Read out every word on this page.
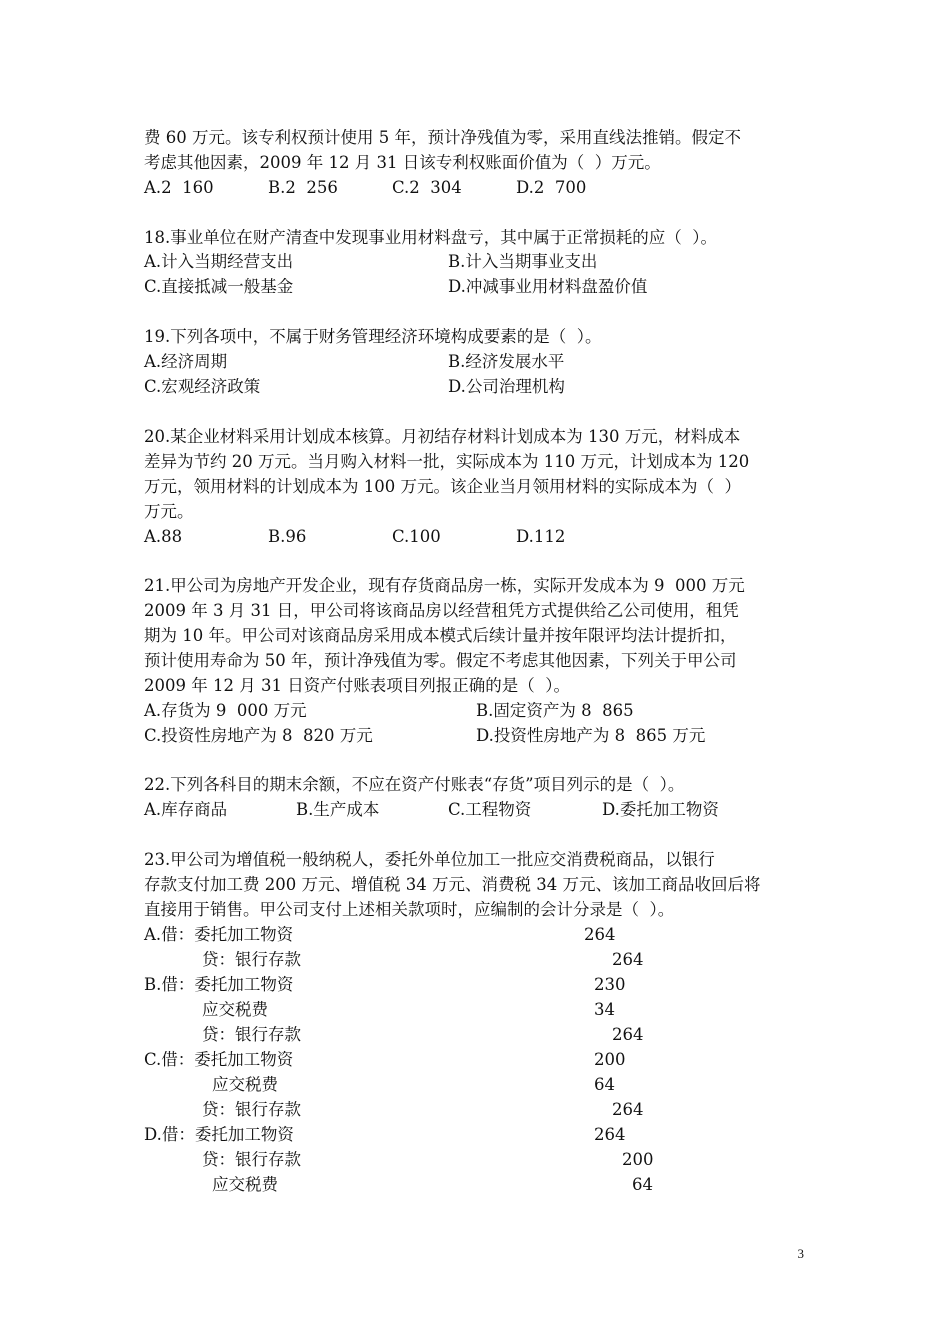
费 60 万元。该专利权预计使用 5 年，预计净残值为零，采用直线法推销。假定不
考虑其他因素，2009 年 12 月 31 日该专利权账面价值为（  ）万元。
A.2  160	B.2  256	C.2  304	D.2  700
18.事业单位在财产清查中发现事业用材料盘亏，其中属于正常损耗的应（  ）。
A.计入当期经营支出	B.计入当期事业支出
C.直接抵减一般基金	D.冲减事业用材料盘盈价值
19.下列各项中，不属于财务管理经济环境构成要素的是（  ）。
A.经济周期	B.经济发展水平
C.宏观经济政策	D.公司治理机构
20.某企业材料采用计划成本核算。月初结存材料计划成本为 130 万元，材料成本
差异为节约 20 万元。当月购入材料一批，实际成本为 110 万元，计划成本为 120
万元，领用材料的计划成本为 100 万元。该企业当月领用材料的实际成本为（  ）
万元。
A.88	B.96	C.100	D.112
21.甲公司为房地产开发企业，现有存货商品房一栋，实际开发成本为 9  000 万元
2009 年 3 月 31 日，甲公司将该商品房以经营租凭方式提供给乙公司使用，租凭
期为 10 年。甲公司对该商品房采用成本模式后续计量并按年限评均法计提折扣，
预计使用寿命为 50 年，预计净残值为零。假定不考虑其他因素，下列关于甲公司
2009 年 12 月 31 日资产付账表项目列报正确的是（  ）。
A.存货为 9  000 万元	B.固定资产为 8  865
C.投资性房地产为 8  820 万元	D.投资性房地产为 8  865 万元
22.下列各科目的期末余额，不应在资产付账表“存货”项目列示的是（  ）。
A.库存商品	B.生产成本	C.工程物资	D.委托加工物资
23.甲公司为增值税一般纳税人，委托外单位加工一批应交消费税商品，以银行
存款支付加工费 200 万元、增值税 34 万元、消费税 34 万元、该加工商品收回后将
直接用于销售。甲公司支付上述相关款项时，应编制的会计分录是（  ）。
A.借：委托加工物资	264
贷：银行存款	264
B.借：委托加工物资	230
应交税费	34
贷：银行存款	264
C.借：委托加工物资	200
应交税费	64
贷：银行存款	264
D.借：委托加工物资	264
贷：银行存款	200
应交税费	64
3
